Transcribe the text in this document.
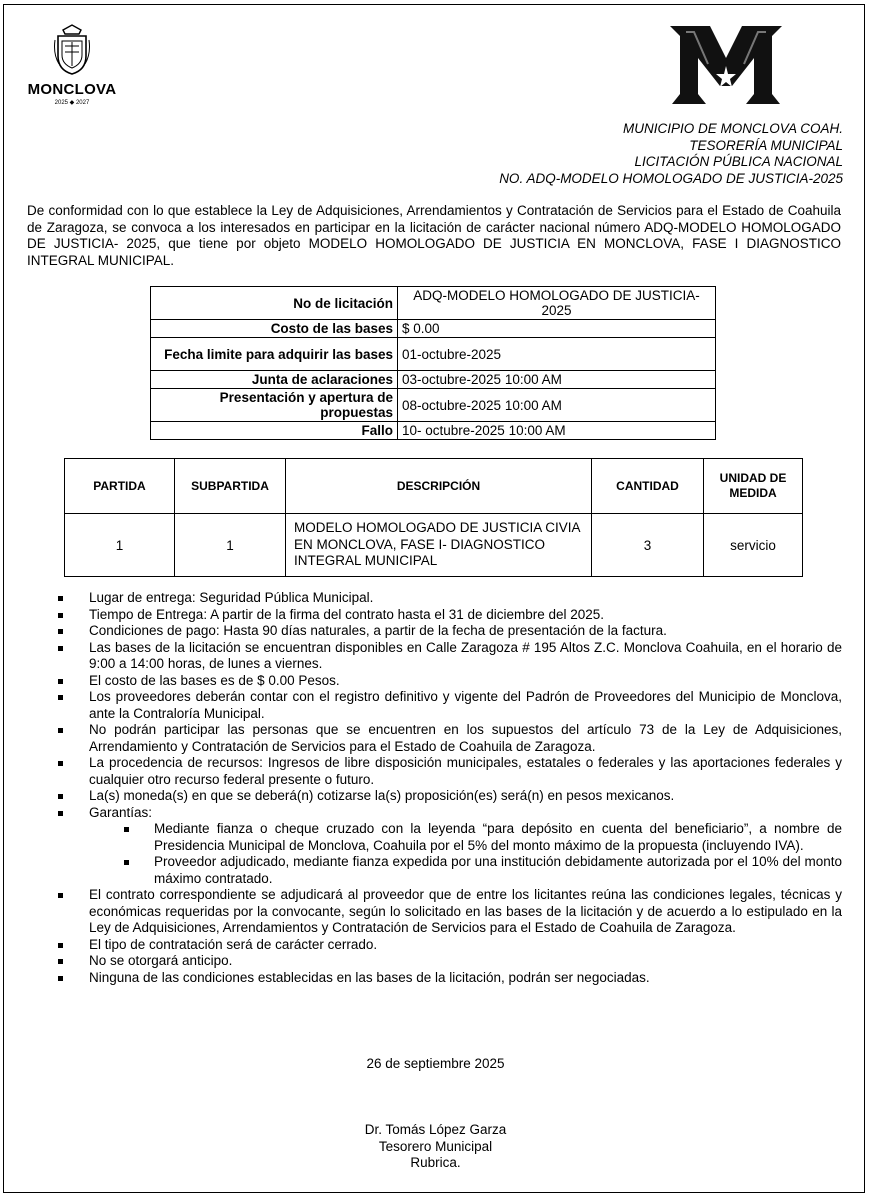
MONCLOVA
2025 ◆ 2027
MUNICIPIO DE MONCLOVA COAH.
TESORERÍA MUNICIPAL
LICITACIÓN PÚBLICA NACIONAL
NO. ADQ-MODELO HOMOLOGADO DE JUSTICIA-2025
De conformidad con lo que establece la Ley de Adquisiciones, Arrendamientos y Contratación de Servicios para el Estado de Coahuila de Zaragoza, se convoca a los interesados en participar en la licitación de carácter nacional número ADQ-MODELO HOMOLOGADO DE JUSTICIA- 2025, que tiene por objeto MODELO HOMOLOGADO DE JUSTICIA EN MONCLOVA, FASE I DIAGNOSTICO INTEGRAL MUNICIPAL.
No de licitación	ADQ-MODELO HOMOLOGADO DE JUSTICIA-2025
Costo de las bases	$ 0.00
Fecha limite para adquirir las bases	01-octubre-2025
Junta de aclaraciones	03-octubre-2025 10:00 AM
Presentación y apertura de propuestas	08-octubre-2025 10:00 AM
Fallo	10- octubre-2025 10:00 AM
PARTIDA	SUBPARTIDA	DESCRIPCIÓN	CANTIDAD	UNIDAD DE MEDIDA
1	1	MODELO HOMOLOGADO DE JUSTICIA CIVIA EN MONCLOVA, FASE I- DIAGNOSTICO INTEGRAL MUNICIPAL	3	servicio
Lugar de entrega: Seguridad Pública Municipal.
Tiempo de Entrega: A partir de la firma del contrato hasta el 31 de diciembre del 2025.
Condiciones de pago: Hasta 90 días naturales, a partir de la fecha de presentación de la factura.
Las bases de la licitación se encuentran disponibles en Calle Zaragoza # 195 Altos Z.C. Monclova Coahuila, en el horario de 9:00 a 14:00 horas, de lunes a viernes.
El costo de las bases es de $ 0.00 Pesos.
Los proveedores deberán contar con el registro definitivo y vigente del Padrón de Proveedores del Municipio de Monclova, ante la Contraloría Municipal.
No podrán participar las personas que se encuentren en los supuestos del artículo 73 de la Ley de Adquisiciones, Arrendamiento y Contratación de Servicios para el Estado de Coahuila de Zaragoza.
La procedencia de recursos: Ingresos de libre disposición municipales, estatales o federales y las aportaciones federales y cualquier otro recurso federal presente o futuro.
La(s) moneda(s) en que se deberá(n) cotizarse la(s) proposición(es) será(n) en pesos mexicanos.
Garantías:
Mediante fianza o cheque cruzado con la leyenda “para depósito en cuenta del beneficiario”, a nombre de Presidencia Municipal de Monclova, Coahuila por el 5% del monto máximo de la propuesta (incluyendo IVA).
Proveedor adjudicado, mediante fianza expedida por una institución debidamente autorizada por el 10% del monto máximo contratado.
El contrato correspondiente se adjudicará al proveedor que de entre los licitantes reúna las condiciones legales, técnicas y económicas requeridas por la convocante, según lo solicitado en las bases de la licitación y de acuerdo a lo estipulado en la Ley de Adquisiciones, Arrendamientos y Contratación de Servicios para el Estado de Coahuila de Zaragoza.
El tipo de contratación será de carácter cerrado.
No se otorgará anticipo.
Ninguna de las condiciones establecidas en las bases de la licitación, podrán ser negociadas.
26 de septiembre 2025
Dr. Tomás López Garza
Tesorero Municipal
Rubrica.
